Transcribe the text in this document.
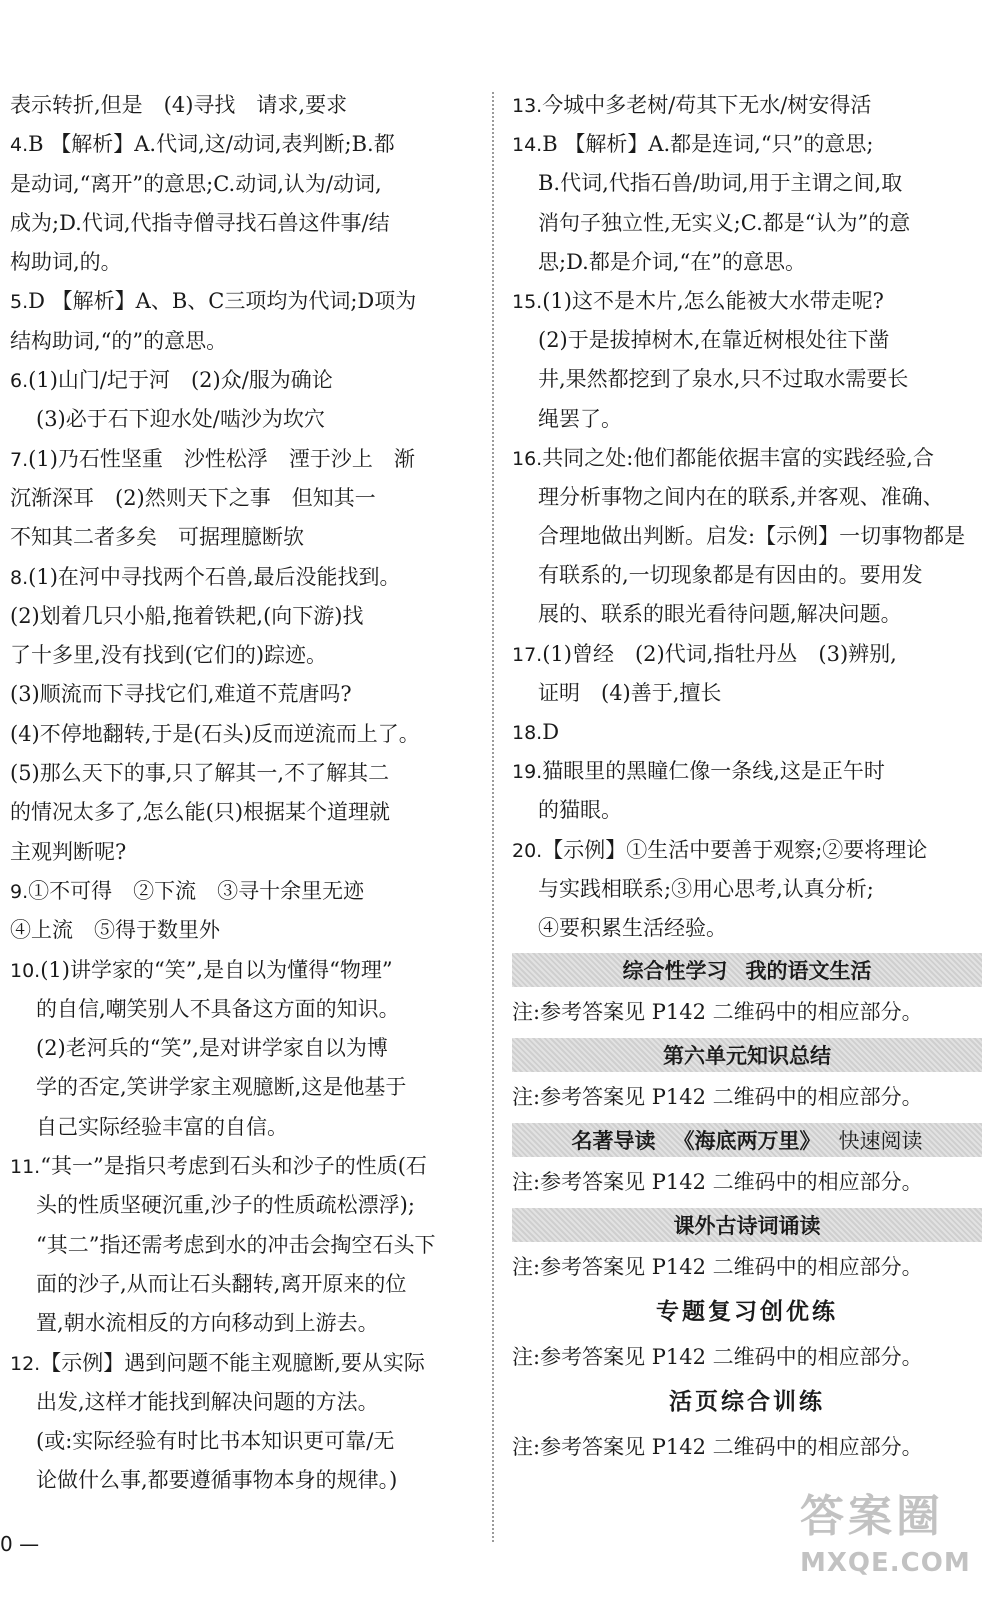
表示转折,但是　(4)寻找　请求,要求
4.B 【解析】A.代词,这/动词,表判断;B.都
是动词,“离开”的意思;C.动词,认为/动词,
成为;D.代词,代指寺僧寻找石兽这件事/结
构助词,的。
5.D 【解析】A、B、C三项均为代词;D项为
结构助词,“的”的意思。
6.(1)山门/圮于河　(2)众/服为确论
(3)必于石下迎水处/啮沙为坎穴
7.(1)乃石性坚重　沙性松浮　湮于沙上　渐
沉渐深耳　(2)然则天下之事　但知其一
不知其二者多矣　可据理臆断欤
8.(1)在河中寻找两个石兽,最后没能找到。
(2)划着几只小船,拖着铁耙,(向下游)找
了十多里,没有找到(它们的)踪迹。
(3)顺流而下寻找它们,难道不荒唐吗?
(4)不停地翻转,于是(石头)反而逆流而上了。
(5)那么天下的事,只了解其一,不了解其二
的情况太多了,怎么能(只)根据某个道理就
主观判断呢?
9.①不可得　②下流　③寻十余里无迹
④上流　⑤得于数里外
10.(1)讲学家的“笑”,是自以为懂得“物理”
的自信,嘲笑别人不具备这方面的知识。
(2)老河兵的“笑”,是对讲学家自以为博
学的否定,笑讲学家主观臆断,这是他基于
自己实际经验丰富的自信。
11.“其一”是指只考虑到石头和沙子的性质(石
头的性质坚硬沉重,沙子的性质疏松漂浮);
“其二”指还需考虑到水的冲击会掏空石头下
面的沙子,从而让石头翻转,离开原来的位
置,朝水流相反的方向移动到上游去。
12.【示例】遇到问题不能主观臆断,要从实际
出发,这样才能找到解决问题的方法。
(或:实际经验有时比书本知识更可靠/无
论做什么事,都要遵循事物本身的规律。)
13.今城中多老树/苟其下无水/树安得活
14.B 【解析】A.都是连词,“只”的意思;
B.代词,代指石兽/助词,用于主谓之间,取
消句子独立性,无实义;C.都是“认为”的意
思;D.都是介词,“在”的意思。
15.(1)这不是木片,怎么能被大水带走呢?
(2)于是拔掉树木,在靠近树根处往下凿
井,果然都挖到了泉水,只不过取水需要长
绳罢了。
16.共同之处:他们都能依据丰富的实践经验,合
理分析事物之间内在的联系,并客观、准确、
合理地做出判断。启发:【示例】一切事物都是
有联系的,一切现象都是有因由的。要用发
展的、联系的眼光看待问题,解决问题。
17.(1)曾经　(2)代词,指牡丹丛　(3)辨别,
证明　(4)善于,擅长
18.D
19.猫眼里的黑瞳仁像一条线,这是正午时
的猫眼。
20.【示例】①生活中要善于观察;②要将理论
与实践相联系;③用心思考,认真分析;
④要积累生活经验。
综合性学习 我的语文生活
注:参考答案见 P142 二维码中的相应部分。
第六单元知识总结
注:参考答案见 P142 二维码中的相应部分。
名著导读 《海底两万里》 快速阅读
注:参考答案见 P142 二维码中的相应部分。
课外古诗词诵读
注:参考答案见 P142 二维码中的相应部分。
专题复习创优练
注:参考答案见 P142 二维码中的相应部分。
活页综合训练
注:参考答案见 P142 二维码中的相应部分。
0 —
答案圈
MXQE.COM
